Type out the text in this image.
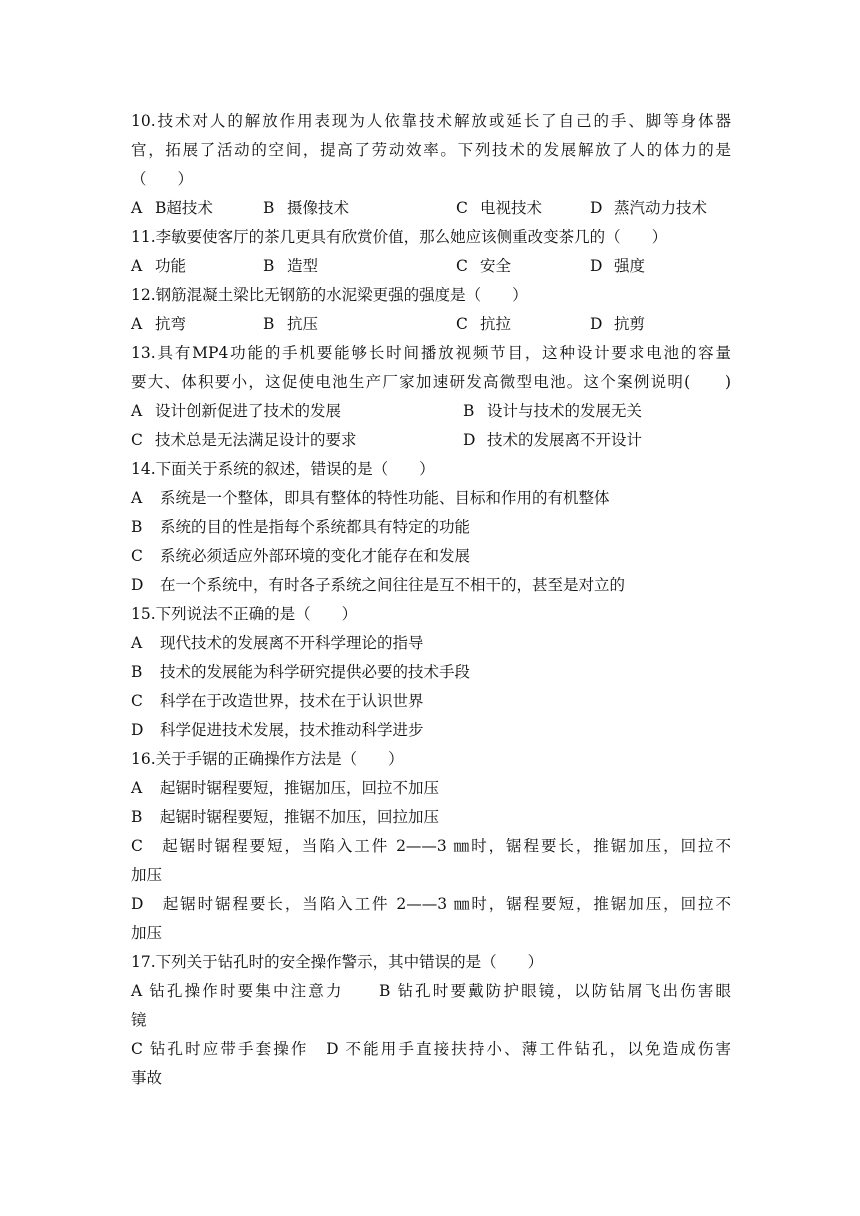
10.技术对人的解放作用表现为人依靠技术解放或延长了自己的手、脚等身体器
官，拓展了活动的空间，提高了劳动效率。下列技术的发展解放了人的体力的是
（　　）
A B超技术	B 摄像技术	C 电视技术	D 蒸汽动力技术
11.李敏要使客厅的茶几更具有欣赏价值，那么她应该侧重改变茶几的（　　）
A 功能	B 造型	C 安全	D 强度
12.钢筋混凝土梁比无钢筋的水泥梁更强的强度是（　　）
A 抗弯	B 抗压	C 抗拉	D 抗剪
13.具有MP4功能的手机要能够长时间播放视频节目，这种设计要求电池的容量
要大、体积要小，这促使电池生产厂家加速研发高微型电池。这个案例说明(　　)
A 设计创新促进了技术的发展	B 设计与技术的发展无关
C 技术总是无法满足设计的要求	D 技术的发展离不开设计
14.下面关于系统的叙述，错误的是（　　）
A 系统是一个整体，即具有整体的特性功能、目标和作用的有机整体
B 系统的目的性是指每个系统都具有特定的功能
C 系统必须适应外部环境的变化才能存在和发展
D 在一个系统中，有时各子系统之间往往是互不相干的，甚至是对立的
15.下列说法不正确的是（　　）
A 现代技术的发展离不开科学理论的指导
B 技术的发展能为科学研究提供必要的技术手段
C 科学在于改造世界，技术在于认识世界
D 科学促进技术发展，技术推动科学进步
16.关于手锯的正确操作方法是（　　）
A 起锯时锯程要短，推锯加压，回拉不加压
B 起锯时锯程要短，推锯不加压，回拉加压
C　 起锯时锯程要短，当陷入工件 2——3 ㎜时，锯程要长，推锯加压，回拉不
加压
D　 起锯时锯程要长，当陷入工件 2——3 ㎜时，锯程要短，推锯加压，回拉不
加压
17.下列关于钻孔时的安全操作警示，其中错误的是（　　）
A 钻孔操作时要集中注意力　　B 钻孔时要戴防护眼镜，以防钻屑飞出伤害眼
镜
C 钻孔时应带手套操作　D 不能用手直接扶持小、薄工件钻孔，以免造成伤害
事故
